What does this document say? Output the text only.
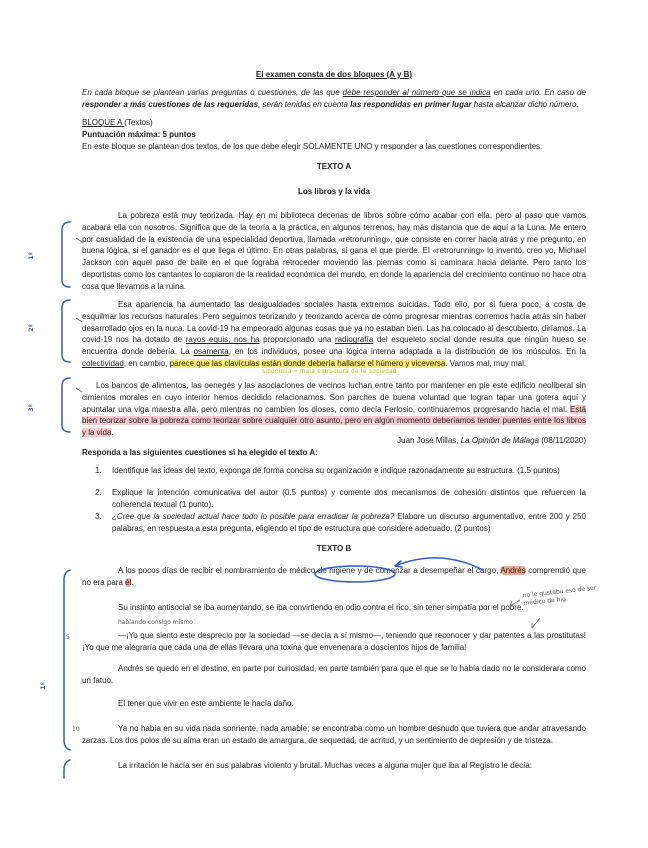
El examen consta de dos bloques (A y B)
En cada bloque se plantean varias preguntas o cuestiones, de las que debe responder al número que se indica en cada uno. En caso de responder a más cuestiones de las requeridas, serán tenidas en cuenta las respondidas en primer lugar hasta alcanzar dicho número.
BLOQUE A (Textos)
Puntuación máxima: 5 puntos
En este bloque se plantean dos textos, de los que debe elegir SOLAMENTE UNO y responder a las cuestiones correspondientes.
TEXTO A
Los libros y la vida
La pobreza está muy teorizada. Hay en mi biblioteca decenas de libros sobre cómo acabar con ella, pero al paso que vamos acabará ella con nosotros. Significa que de la teoría a la práctica, en algunos terrenos, hay más distancia que de aquí a la Luna. Me entero por casualidad de la existencia de una especialidad deportiva, llamada «retrorunning», que consiste en correr hacia atrás y me pregunto, en buena lógica, si el ganador es el que llega el último. En otras palabras, si gana el que pierde. El «retrorunning» lo inventó, creo yo, Michael Jackson con aquel paso de baile en el que lograba retroceder moviendo las piernas como si caminara hacia delante. Pero tanto los deportistas como los cantantes lo copiaron de la realidad económica del mundo, en donde la apariencia del crecimiento continuo no hace otra cosa que llevarnos a la ruina.
Esa apariencia ha aumentado las desigualdades sociales hasta extremos suicidas. Todo ello, por si fuera poco, a costa de esquilmar los recursos naturales. Pero seguimos teorizando y teorizando acerca de cómo progresar mientras corremos hacia atrás sin haber desarrollado ojos en la nuca. La covid-19 ha empeorado algunas cosas que ya no estaban bien. Las ha colocado al descubierto, diríamos. La covid-19 nos ha dotado de rayos equis, nos ha proporcionado una radiografía del esqueleto social donde resulta que ningún hueso se encuentra donde debería. La osamenta, en los individuos, posee una lógica interna adaptada a la distribución de los músculos. En la colectividad, en cambio, parece que las clavículas están donde debería hallarse el húmero y viceversa. Vamos mal, muy mal.
sinonimia = mala estructura de la sociedad
Los bancos de alimentos, las oenegés y las asociaciones de vecinos luchan entre tanto por mantener en pie este edificio neoliberal sin cimientos morales en cuyo interior hemos decidido relacionarnos. Son parches de buena voluntad que logran tapar una gotera aquí y apuntalar una viga maestra allá, pero mientras no cambien los dioses, como decía Ferlosio, continuaremos progresando hacia el mal. Está bien teorizar sobre la pobreza como teorizar sobre cualquier otro asunto, pero en algún momento deberíamos tender puentes entre los libros y la vida.
Juan José Millas, La Opinión de Málaga (08/11/2020)
Responda a las siguientes cuestiones si ha elegido el texto A:
1. Identifique las ideas del texto, exponga de forma concisa su organización e indique razonadamente su estructura. (1.5 puntos)
2. Explique la intención comunicativa del autor (0.5 puntos) y comente dos mecanismos de cohesión distintos que refuercen la coherencia textual (1 punto).
3. ¿Cree que la sociedad actual hace todo lo posible para erradicar la pobreza? Elabore un discurso argumentativo, entre 200 y 250 palabras, en respuesta a esta pregunta, eligiendo el tipo de estructura que considere adecuado. (2 puntos)
TEXTO B
A los pocos días de recibir el nombramiento de médico de higiene y de comenzar a desempeñar el cargo, Andrés comprendió que no era para él.
Su instinto antisocial se iba aumentando, se iba convirtiendo en odio contra el rico, sin tener simpatía por el pobre.
no le gustaba eso de ser médico de hig.
hablando consigo mismo
—¡Yo que siento este desprecio por la sociedad —se decía a sí mismo—, teniendo que reconocer y dar patentes a las prostitutas! ¡Yo que me alegraría que cada una de ellas llevara una toxina que envenenara a doscientos hijos de familia!
Andrés se quedó en el destino, en parte por curiosidad, en parte también para que el que se lo había dado no le considerara como un fatuo.
El tener que vivir en este ambiente le hacía daño.
Ya no había en su vida nada sonriente, nada amable; se encontraba como un hombre desnudo que tuviera que andar atravesando zarzas. Los dos polos de su alma eran un estado de amargura, de sequedad, de acritud, y un sentimiento de depresión y de tristeza.
La irritación le hacía ser en sus palabras violento y brutal. Muchas veces a alguna mujer que iba al Registro le decía:
1º
2º
3º
1º
5
10
